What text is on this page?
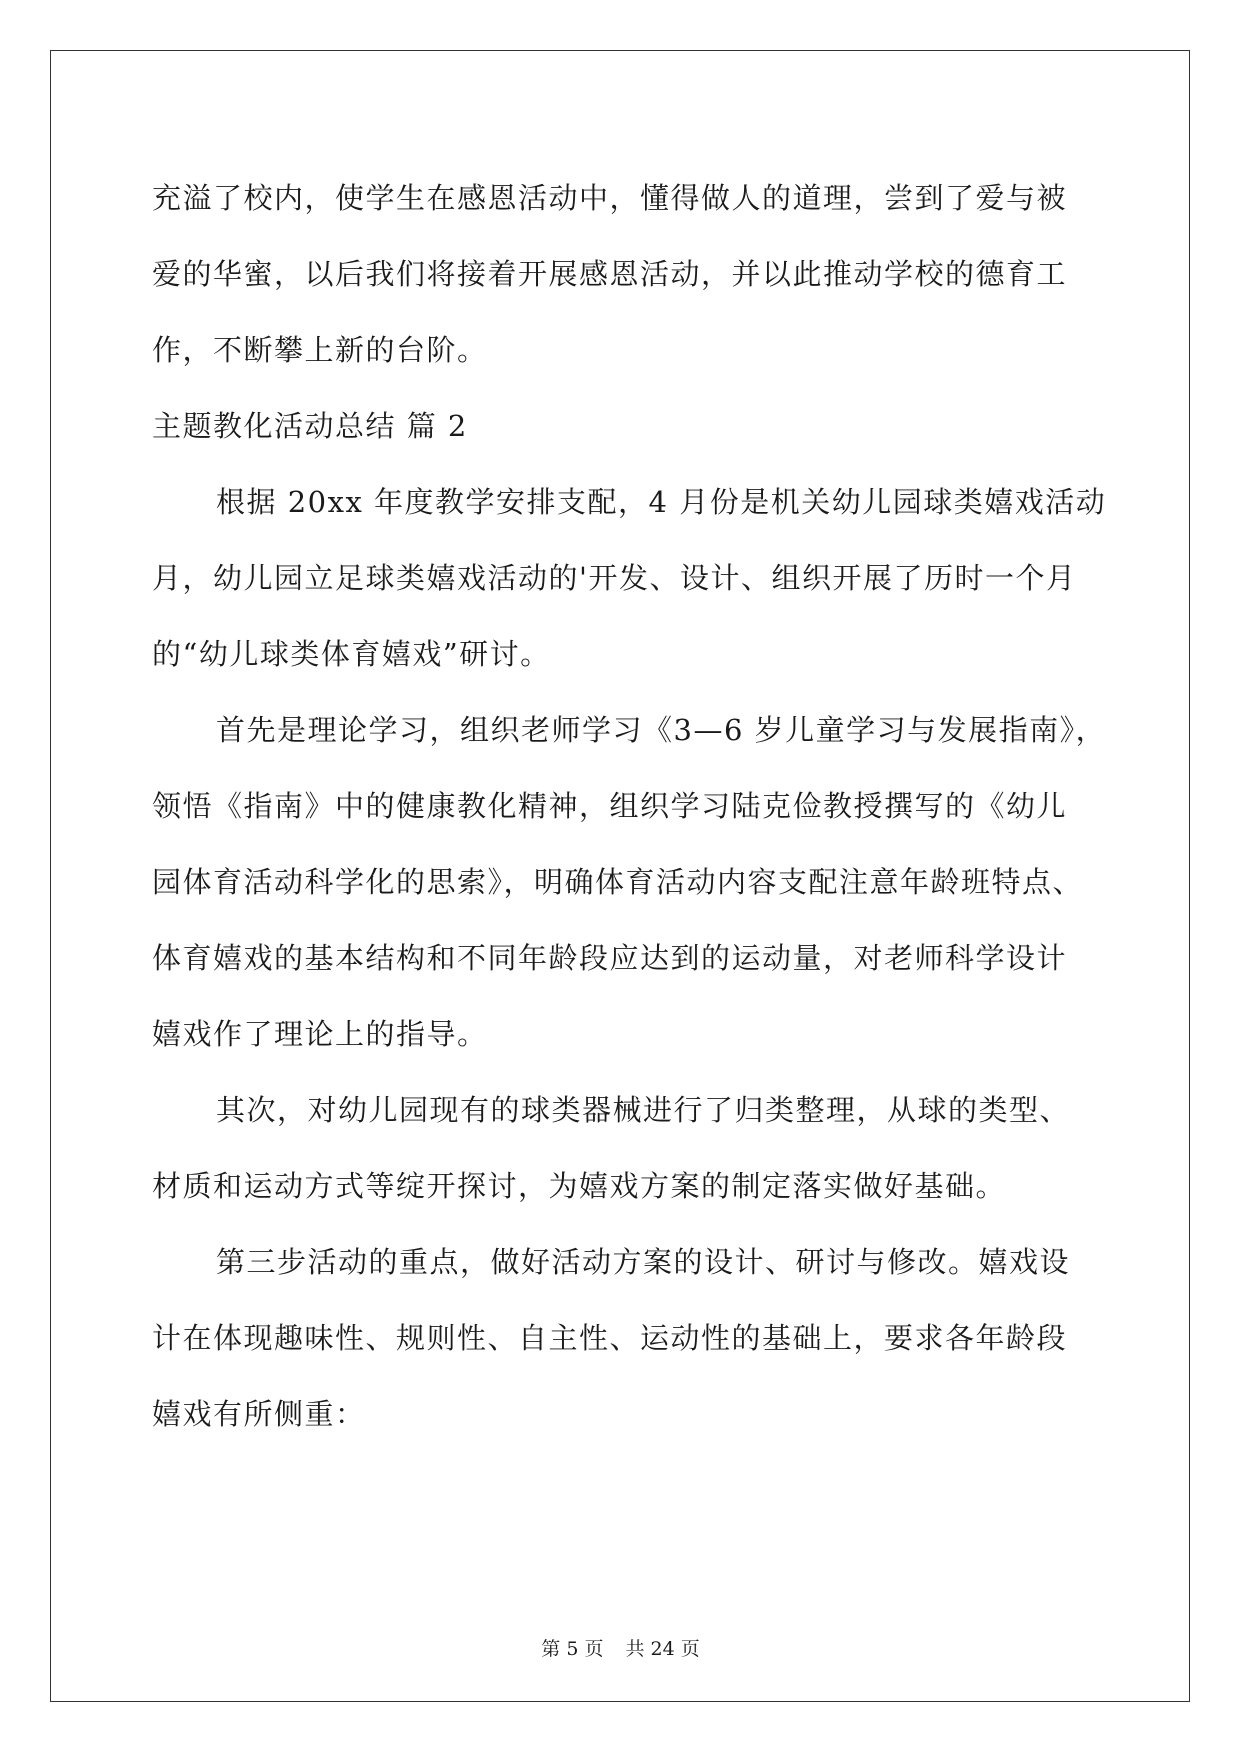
充溢了校内，使学生在感恩活动中，懂得做人的道理，尝到了爱与被
爱的华蜜，以后我们将接着开展感恩活动，并以此推动学校的德育工
作，不断攀上新的台阶。
主题教化活动总结 篇 2
根据 20xx 年度教学安排支配，4 月份是机关幼儿园球类嬉戏活动
月，幼儿园立足球类嬉戏活动的'开发、设计、组织开展了历时一个月
的“幼儿球类体育嬉戏”研讨。
首先是理论学习，组织老师学习《3—6 岁儿童学习与发展指南》，
领悟《指南》中的健康教化精神，组织学习陆克俭教授撰写的《幼儿
园体育活动科学化的思索》，明确体育活动内容支配注意年龄班特点、
体育嬉戏的基本结构和不同年龄段应达到的运动量，对老师科学设计
嬉戏作了理论上的指导。
其次，对幼儿园现有的球类器械进行了归类整理，从球的类型、
材质和运动方式等绽开探讨，为嬉戏方案的制定落实做好基础。
第三步活动的重点，做好活动方案的设计、研讨与修改。嬉戏设
计在体现趣味性、规则性、自主性、运动性的基础上，要求各年龄段
嬉戏有所侧重：
第 5 页 共 24 页
